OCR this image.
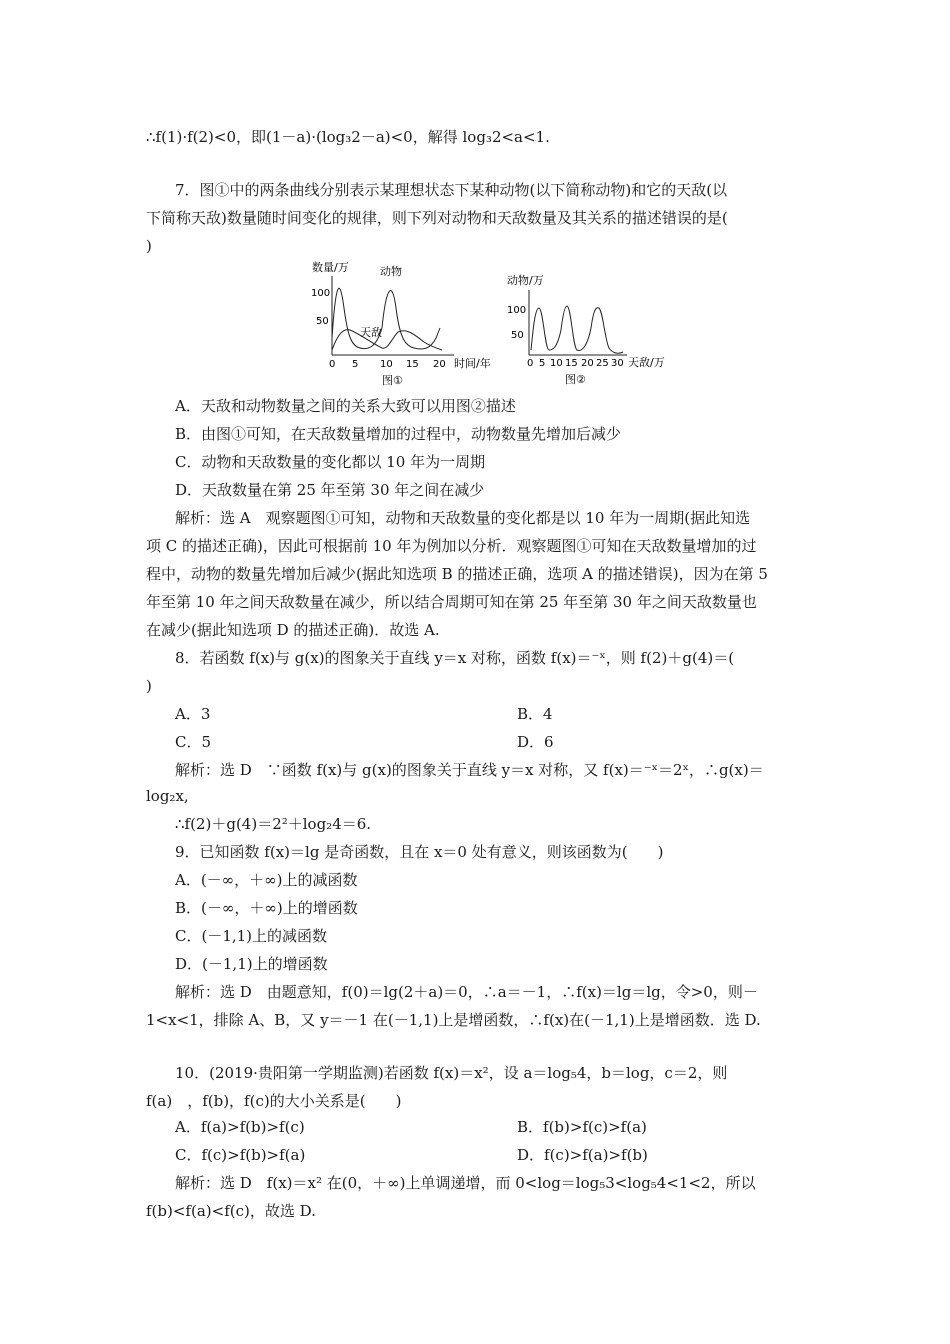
∴f(1)·f(2)<0，即(1－a)·(log₃2－a)<0，解得 log₃2<a<1.
7．图①中的两条曲线分别表示某理想状态下某种动物(以下简称动物)和它的天敌(以
下简称天敌)数量随时间变化的规律，则下列对动物和天敌数量及其关系的描述错误的是(
)
数量/万
100
50
0 5 10 15 20 时间/年
动物
天敌
图①
动物/万
100
50
0 5 10 15 20 25 30 天敌/万
图②
A．天敌和动物数量之间的关系大致可以用图②描述
B．由图①可知，在天敌数量增加的过程中，动物数量先增加后减少
C．动物和天敌数量的变化都以 10 年为一周期
D．天敌数量在第 25 年至第 30 年之间在减少
解析：选 A　观察题图①可知，动物和天敌数量的变化都是以 10 年为一周期(据此知选
项 C 的描述正确)，因此可根据前 10 年为例加以分析．观察题图①可知在天敌数量增加的过
程中，动物的数量先增加后减少(据此知选项 B 的描述正确，选项 A 的描述错误)，因为在第 5
年至第 10 年之间天敌数量在减少，所以结合周期可知在第 25 年至第 30 年之间天敌数量也
在减少(据此知选项 D 的描述正确)．故选 A.
8．若函数 f(x)与 g(x)的图象关于直线 y＝x 对称，函数 f(x)＝⁻ˣ，则 f(2)＋g(4)＝(
)
A．3	B．4
C．5	D．6
解析：选 D　∵函数 f(x)与 g(x)的图象关于直线 y＝x 对称，又 f(x)＝⁻ˣ＝2ˣ，∴g(x)＝
log₂x,
∴f(2)＋g(4)＝2²＋log₂4＝6.
9．已知函数 f(x)＝lg 是奇函数，且在 x＝0 处有意义，则该函数为(　　)
A．(－∞，＋∞)上的减函数
B．(－∞，＋∞)上的增函数
C．(－1,1)上的减函数
D．(－1,1)上的增函数
解析：选 D　由题意知，f(0)＝lg(2＋a)＝0，∴a＝－1，∴f(x)＝lg＝lg，令>0，则－
1<x<1，排除 A、B，又 y＝－1 在(－1,1)上是增函数，∴f(x)在(－1,1)上是增函数．选 D.
10．(2019·贵阳第一学期监测)若函数 f(x)＝x²，设 a＝log₅4，b＝log，c＝2，则
f(a)　，f(b)，f(c)的大小关系是(　　)
A．f(a)>f(b)>f(c)	B．f(b)>f(c)>f(a)
C．f(c)>f(b)>f(a)	D．f(c)>f(a)>f(b)
解析：选 D　f(x)＝x² 在(0，＋∞)上单调递增，而 0<log＝log₅3<log₅4<1<2，所以
f(b)<f(a)<f(c)，故选 D.
